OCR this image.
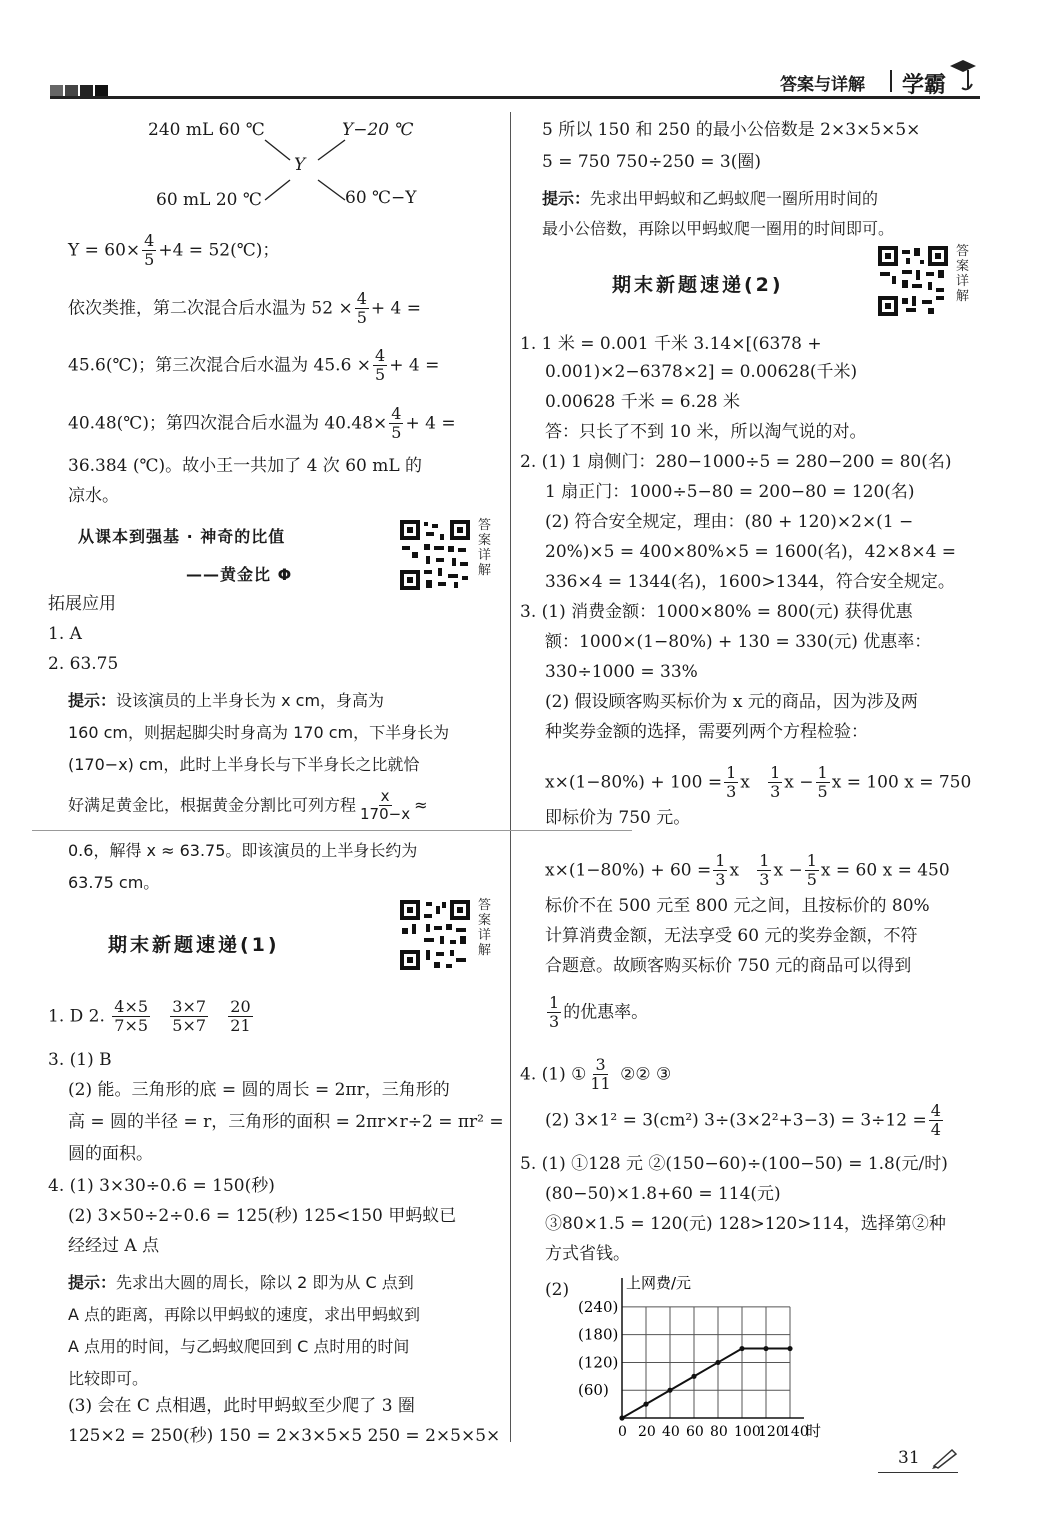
答案与详解 学霸
240 mL 60 ℃	Y−20 ℃
Y
60 mL 20 ℃	60 ℃−Y
$Y = 60\times \frac{4}{5} +4$ = 52(℃)；
依次类推，第二次混合后水温为 $52 \times \frac{4}{5} + 4$ =
45.6(℃)；第三次混合后水温为 $45.6 \times \frac{4}{5} + 4$ =
40.48(℃)；第四次混合后水温为 $40.48\times \frac{4}{5} + 4$ =
36.384 (℃)。故小王一共加了 4 次 60 mL 的
凉水。
从课本到强基 · 神奇的比值
——黄金比 Φ
答案详解
拓展应用
1. A
2. 63.75
提示：设该演员的上半身长为 x cm，身高为
160 cm，则据起脚尖时身高为 170 cm，下半身长为
(170−x) cm，此时上半身长与下半身长之比就恰
好满足黄金比，根据黄金分割比可列方程 $\frac{x}{170-x}$ ≈
0.6，解得 x ≈ 63.75。即该演员的上半身长约为
63.75 cm。
期末新题速递(1)
答案详解
1. D 2. $\frac{4\times 5}{7\times 5}$
$\frac{3\times 7}{5\times 7}$
$\frac{20}{21}$
3. (1) B
(2) 能。三角形的底 = 圆的周长 = 2πr，三角形的
高 = 圆的半径 = r，三角形的面积 = 2πr×r÷2 = πr² =
圆的面积。
4. (1) 3×30÷0.6 = 150(秒)
(2) 3×50÷2÷0.6 = 125(秒) 125<150 甲蚂蚁已
经经过 A 点
提示：先求出大圆的周长，除以 2 即为从 C 点到
A 点的距离，再除以甲蚂蚁的速度，求出甲蚂蚁到
A 点用的时间，与乙蚂蚁爬回到 C 点时用的时间
比较即可。
(3) 会在 C 点相遇，此时甲蚂蚁至少爬了 3 圈
125×2 = 250(秒) 150 = 2×3×5×5 250 = 2×5×5×
5 所以 150 和 250 的最小公倍数是 2×3×5×5×
5 = 750 750÷250 = 3(圈)
提示：先求出甲蚂蚁和乙蚂蚁爬一圈所用时间的
最小公倍数，再除以甲蚂蚁爬一圈用的时间即可。
期末新题速递(2)
答案详解
1. 1 米 = 0.001 千米 3.14×[(6378 +
0.001)×2−6378×2] = 0.00628(千米)
0.00628 千米 = 6.28 米
答：只长了不到 10 米，所以淘气说的对。
2. (1) 1 扇侧门：280−1000÷5 = 280−200 = 80(名)
1 扇正门：1000÷5−80 = 200−80 = 120(名)
(2) 符合安全规定，理由：(80 + 120)×2×(1 −
20%)×5 = 400×80%×5 = 1600(名)，42×8×4 =
336×4 = 1344(名)，1600>1344，符合安全规定。
3. (1) 消费金额：1000×80% = 800(元) 获得优惠
额：1000×(1−80%) + 130 = 330(元) 优惠率：
330÷1000 = 33%
(2) 假设顾客购买标价为 x 元的商品，因为涉及两
种奖券金额的选择，需要列两个方程检验：
$x\times(1-80\%) + 100 = \frac{1}{3}$ x $\frac{1}{3}$ $x - \frac{1}{5}$ x = 100 x = 750
即标价为 750 元。
$x\times(1-80\%) + 60 = \frac{1}{3}$ x $\frac{1}{3}$ $x - \frac{1}{5}$ x = 60 x = 450
标价不在 500 元至 800 元之间，且按标价的 80%
计算消费金额，无法享受 60 元的奖券金额，不符
合题意。故顾客购买标价 750 元的商品可以得到
$\frac{1}{3}$ 的优惠率。
4. (1) ① $\frac{3}{11}$ ②② ③
(2) 3×1² = 3(cm²) $3\div(3\times 2^2+3-3) = 3\div 12 = \frac{4}{4}$
5. (1) ①128 元 ②(150−60)÷(100−50) = 1.8(元/时)
(80−50)×1.8+60 = 114(元)
③80×1.5 = 120(元) 128>120>114，选择第②种
方式省钱。
(2)	上网费/元
(240)
(180)
(120)
(60)
0 20 40 60 80 100
120
140
时
31
